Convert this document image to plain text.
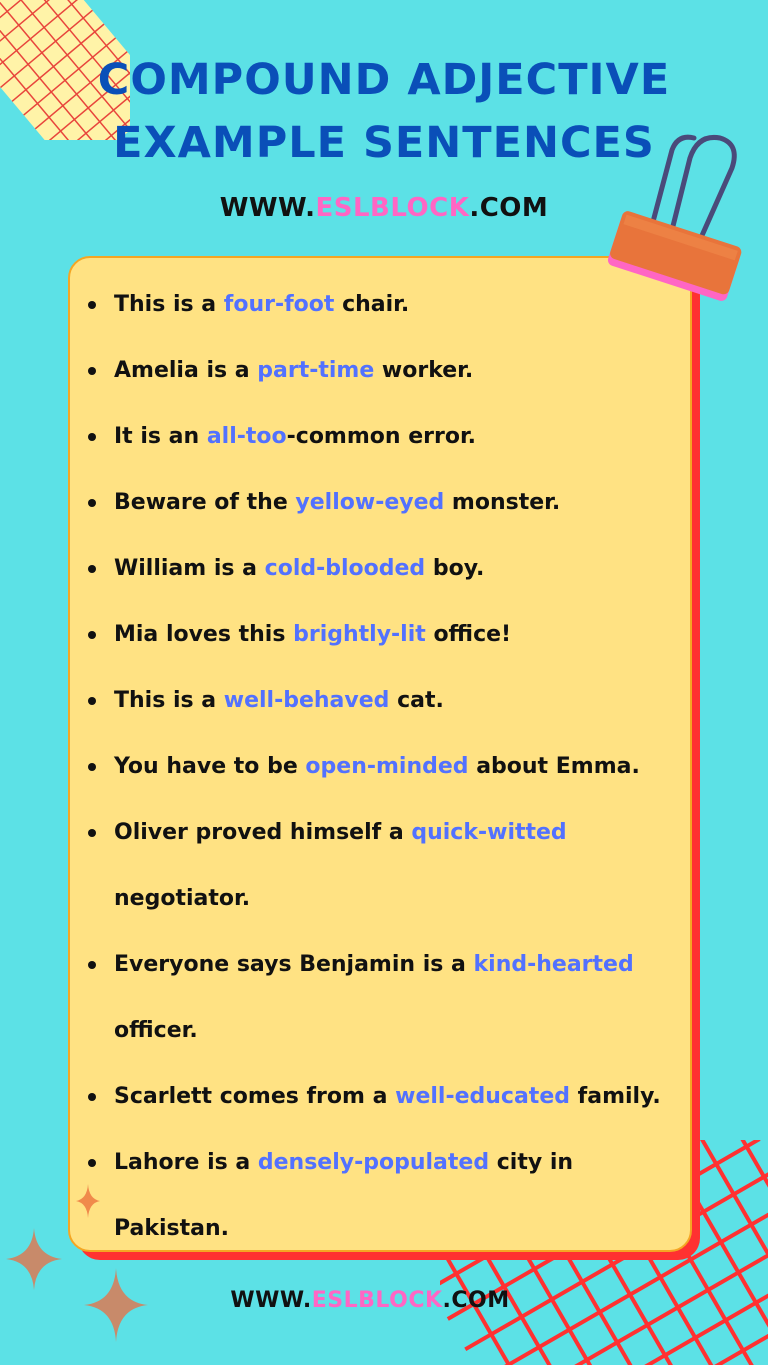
COMPOUND ADJECTIVE
EXAMPLE SENTENCES
WWW.ESLBLOCK.COM
This is a four-foot chair.
Amelia is a part-time worker.
It is an all-too-common error.
Beware of the yellow-eyed monster.
William is a cold-blooded boy.
Mia loves this brightly-lit office!
This is a well-behaved cat.
You have to be open-minded about Emma.
Oliver proved himself a quick-witted negotiator.
Everyone says Benjamin is a kind-hearted officer.
Scarlett comes from a well-educated family.
Lahore is a densely-populated city in Pakistan.
WWW.ESLBLOCK.COM
